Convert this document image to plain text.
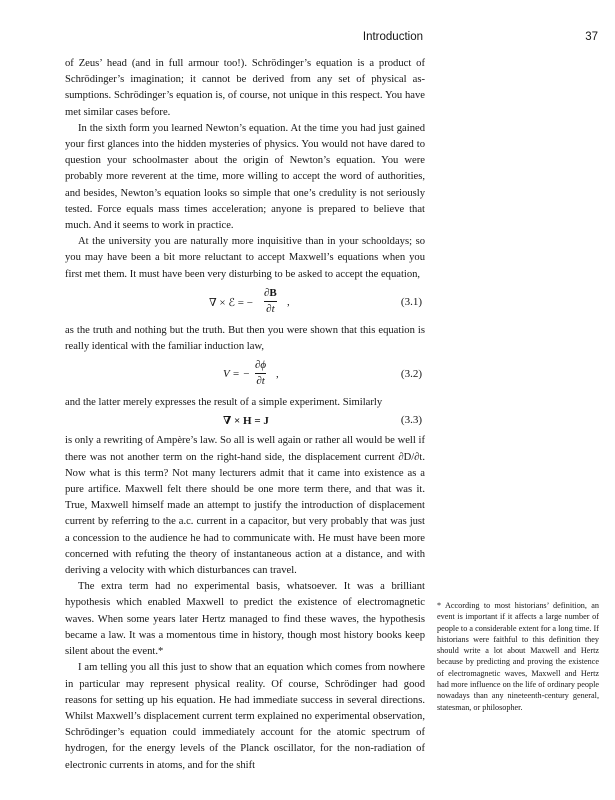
Introduction	37

of Zeus’ head (and in full armour too!). Schrödinger’s equation is a product of Schrödinger’s imagination; it cannot be derived from any set of physical assumptions. Schrödinger’s equation is, of course, not unique in this respect. You have met similar cases before.

In the sixth form you learned Newton’s equation. At the time you had just gained your first glances into the hidden mysteries of physics. You would not have dared to question your schoolmaster about the origin of Newton’s equation. You were probably more reverent at the time, more willing to accept the word of authorities, and besides, Newton’s equation looks so simple that one’s credulity is not seriously tested. Force equals mass times acceleration; anyone is prepared to believe that much. And it seems to work in practice.

At the university you are naturally more inquisitive than in your schooldays; so you may have been a bit more reluctant to accept Maxwell’s equations when you first met them. It must have been very disturbing to be asked to accept the equation,

∇ × ℰ = −
∂B
∂t
,	(3.1)

as the truth and nothing but the truth. But then you were shown that this equation is really identical with the familiar induction law,

V = −
∂ϕ
∂t
,	(3.2)

and the latter merely expresses the result of a simple experiment. Similarly

∇ × H = J	(3.3)

is only a rewriting of Ampère’s law. So all is well again or rather all would be well if there was not another term on the right-hand side, the displacement current ∂D/∂t. Now what is this term? Not many lecturers admit that it came into existence as a pure artifice. Maxwell felt there should be one more term there, and that was it. True, Maxwell himself made an attempt to justify the introduction of displacement current by referring to the a.c. current in a capacitor, but very probably that was just a concession to the audience he had to communicate with. He must have been more concerned with refuting the theory of instantaneous action at a distance, and with deriving a velocity with which disturbances can travel.

The extra term had no experimental basis, whatsoever. It was a brilliant hypothesis which enabled Maxwell to predict the existence of electromagnetic waves. When some years later Hertz managed to find these waves, the hypothesis became a law. It was a momentous time in history, though most history books keep silent about the event.*

I am telling you all this just to show that an equation which comes from nowhere in particular may represent physical reality. Of course, Schrödinger had good reasons for setting up his equation. He had immediate success in several directions. Whilst Maxwell’s displacement current term explained no experimental observation, Schrödinger’s equation could immediately account for the atomic spectrum of hydrogen, for the energy levels of the Planck oscillator, for the non-radiation of electronic currents in atoms, and for the shift

* According to most historians’ definition, an event is important if it affects a large number of people to a considerable extent for a long time. If historians were faithful to this definition they should write a lot about Maxwell and Hertz because by predicting and proving the existence of electromagnetic waves, Maxwell and Hertz had more influence on the life of ordinary people nowadays than any nineteenth-century general, statesman, or philosopher.
